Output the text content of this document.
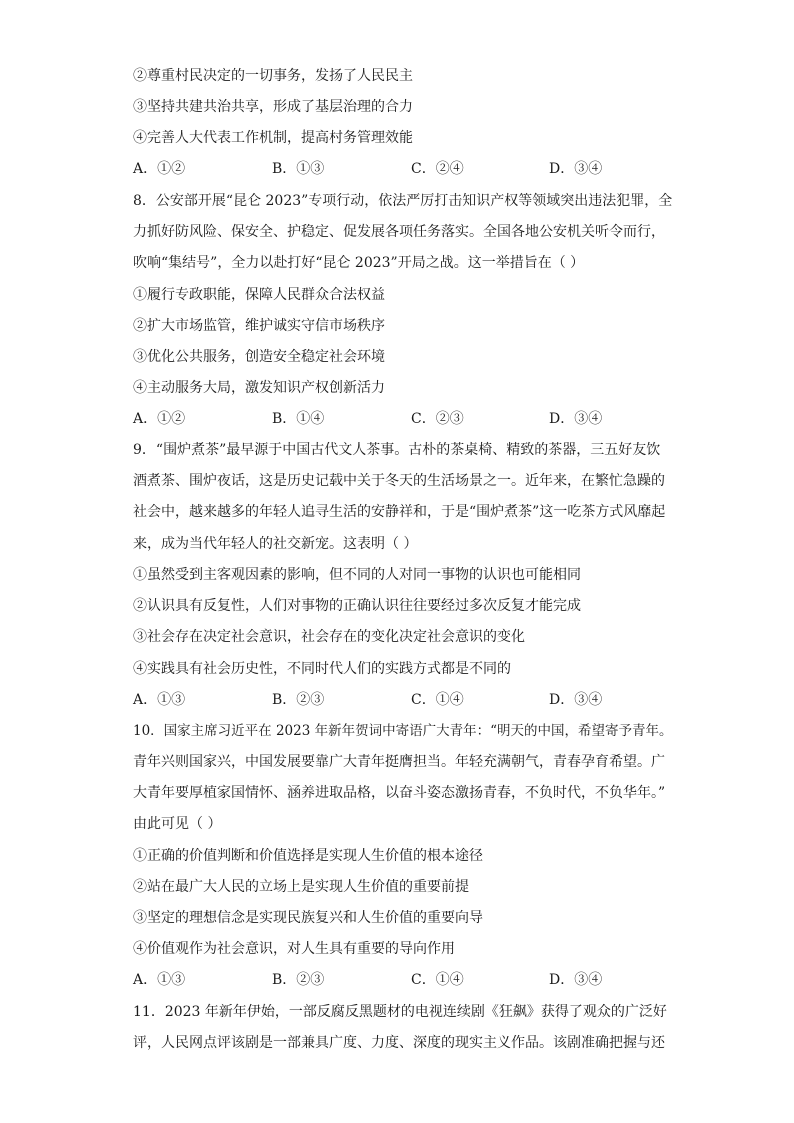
②尊重村民决定的一切事务，发扬了人民民主
③坚持共建共治共享，形成了基层治理的合力
④完善人大代表工作机制，提高村务管理效能
A．①②	B．①③	C．②④	D．③④
8．公安部开展“昆仑 2023”专项行动，依法严厉打击知识产权等领域突出违法犯罪，全
力抓好防风险、保安全、护稳定、促发展各项任务落实。全国各地公安机关听令而行，
吹响“集结号”，全力以赴打好“昆仑 2023”开局之战。这一举措旨在（ ）
①履行专政职能，保障人民群众合法权益
②扩大市场监管，维护诚实守信市场秩序
③优化公共服务，创造安全稳定社会环境
④主动服务大局，激发知识产权创新活力
A．①②	B．①④	C．②③	D．③④
9．“围炉煮茶”最早源于中国古代文人茶事。古朴的茶桌椅、精致的茶器，三五好友饮
酒煮茶、围炉夜话，这是历史记载中关于冬天的生活场景之一。近年来，在繁忙急躁的
社会中，越来越多的年轻人追寻生活的安静祥和，于是“围炉煮茶”这一吃茶方式风靡起
来，成为当代年轻人的社交新宠。这表明（ ）
①虽然受到主客观因素的影响，但不同的人对同一事物的认识也可能相同
②认识具有反复性，人们对事物的正确认识往往要经过多次反复才能完成
③社会存在决定社会意识，社会存在的变化决定社会意识的变化
④实践具有社会历史性，不同时代人们的实践方式都是不同的
A．①③	B．②③	C．①④	D．③④
10．国家主席习近平在 2023 年新年贺词中寄语广大青年：“明天的中国，希望寄予青年。
青年兴则国家兴，中国发展要靠广大青年挺膺担当。年轻充满朝气，青春孕育希望。广
大青年要厚植家国情怀、涵养进取品格，以奋斗姿态激扬青春，不负时代，不负华年。”
由此可见（ ）
①正确的价值判断和价值选择是实现人生价值的根本途径
②站在最广大人民的立场上是实现人生价值的重要前提
③坚定的理想信念是实现民族复兴和人生价值的重要向导
④价值观作为社会意识，对人生具有重要的导向作用
A．①③	B．②③	C．①④	D．③④
11．2023 年新年伊始，一部反腐反黑题材的电视连续剧《狂飙》获得了观众的广泛好
评，人民网点评该剧是一部兼具广度、力度、深度的现实主义作品。该剧准确把握与还
